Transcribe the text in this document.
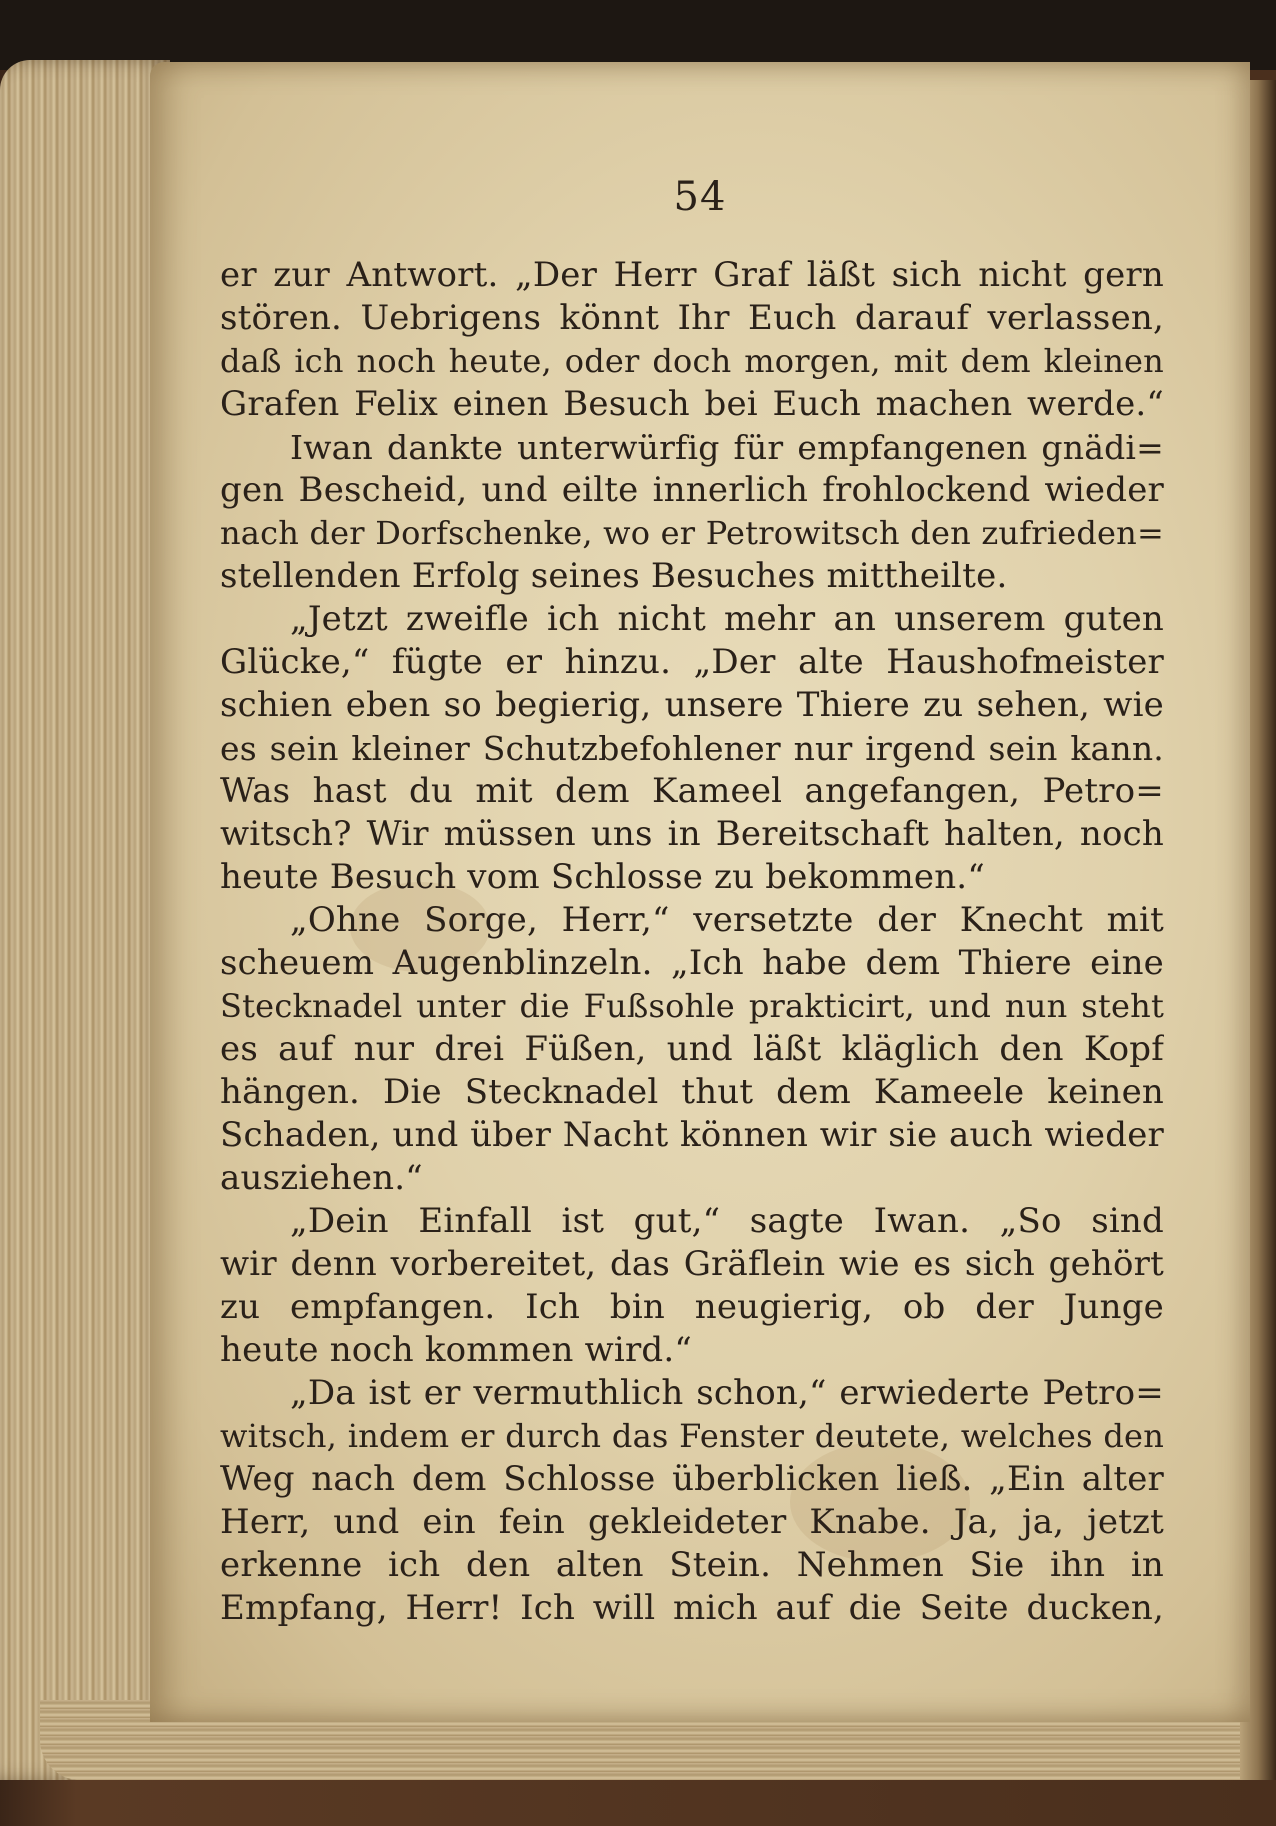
54
er zur Antwort. „Der Herr Graf läßt sich nicht gern
stören. Uebrigens könnt Ihr Euch darauf verlassen,
daß ich noch heute, oder doch morgen, mit dem kleinen
Grafen Felix einen Besuch bei Euch machen werde.“
Iwan dankte unterwürfig für empfangenen gnädi=
gen Bescheid, und eilte innerlich frohlockend wieder
nach der Dorfschenke, wo er Petrowitsch den zufrieden=
stellenden Erfolg seines Besuches mittheilte.
„Jetzt zweifle ich nicht mehr an unserem guten
Glücke,“ fügte er hinzu. „Der alte Haushofmeister
schien eben so begierig, unsere Thiere zu sehen, wie
es sein kleiner Schutzbefohlener nur irgend sein kann.
Was hast du mit dem Kameel angefangen, Petro=
witsch? Wir müssen uns in Bereitschaft halten, noch
heute Besuch vom Schlosse zu bekommen.“
„Ohne Sorge, Herr,“ versetzte der Knecht mit
scheuem Augenblinzeln. „Ich habe dem Thiere eine
Stecknadel unter die Fußsohle prakticirt, und nun steht
es auf nur drei Füßen, und läßt kläglich den Kopf
hängen. Die Stecknadel thut dem Kameele keinen
Schaden, und über Nacht können wir sie auch wieder
ausziehen.“
„Dein Einfall ist gut,“ sagte Iwan. „So sind
wir denn vorbereitet, das Gräflein wie es sich gehört
zu empfangen. Ich bin neugierig, ob der Junge
heute noch kommen wird.“
„Da ist er vermuthlich schon,“ erwiederte Petro=
witsch, indem er durch das Fenster deutete, welches den
Weg nach dem Schlosse überblicken ließ. „Ein alter
Herr, und ein fein gekleideter Knabe. Ja, ja, jetzt
erkenne ich den alten Stein. Nehmen Sie ihn in
Empfang, Herr! Ich will mich auf die Seite ducken,
